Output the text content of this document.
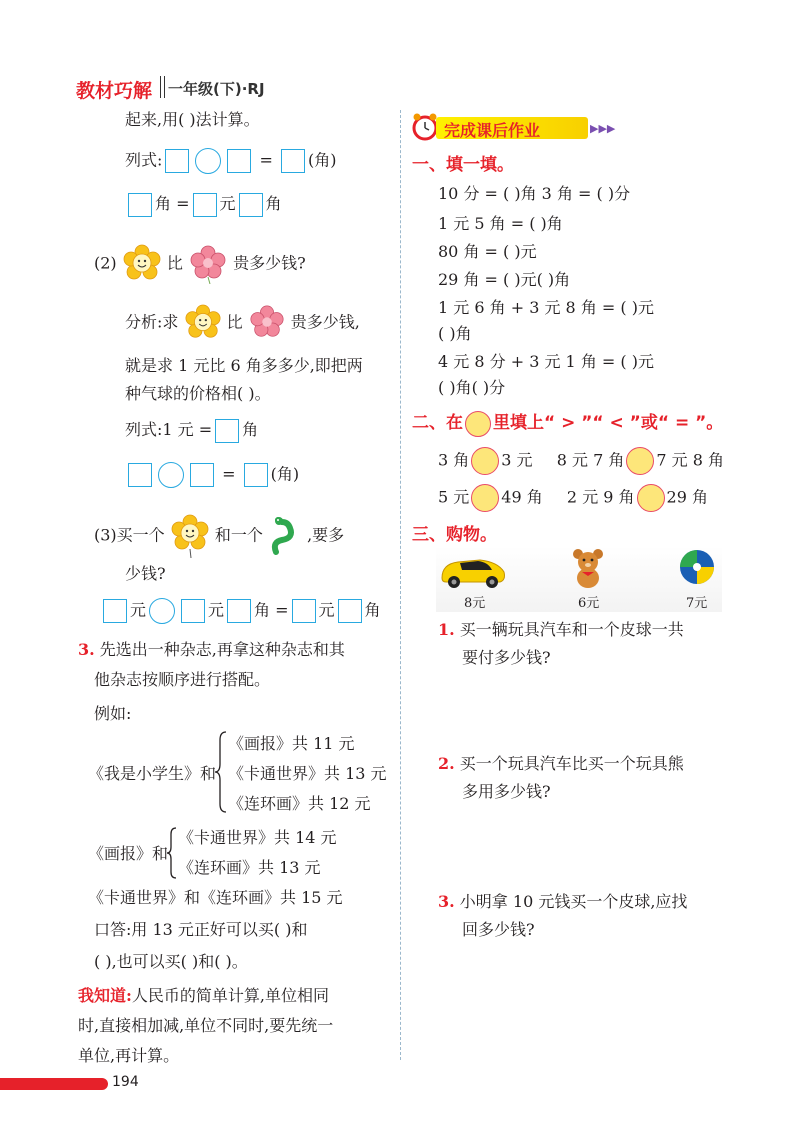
教材巧解 一年级(下)·RJ
起来,用( )法计算。
列式:	= (角)
角 = 元 角
(2)	比	贵多少钱?
分析:求	比	贵多少钱,
就是求 1 元比 6 角多多少,即把两
种气球的价格相( )。
列式:1 元 = 角
= (角)
(3)买一个	和一个	,要多
少钱?
元	元 角 = 元 角
3. 先选出一种杂志,再拿这种杂志和其
他杂志按顺序进行搭配。
例如:
《我是小学生》和
《画报》共 11 元
《卡通世界》共 13 元
《连环画》共 12 元
《画报》和
《卡通世界》共 14 元
《连环画》共 13 元
《卡通世界》和《连环画》共 15 元
口答:用 13 元正好可以买( )和
( ),也可以买( )和( )。
我知道:人民币的简单计算,单位相同
时,直接相加减,单位不同时,要先统一
单位,再计算。
完成课后作业	▶▶▶
一、填一填。
10 分 = ( )角 3 角 = ( )分
1 元 5 角 = ( )角
80 角 = ( )元
29 角 = ( )元( )角
1 元 6 角 + 3 元 8 角 = ( )元
( )角
4 元 8 分 + 3 元 1 角 = ( )元
( )角( )分
二、在 里填上“ > ”“ < ”或“ = ”。
3 角 3 元 8 元 7 角 7 元 8 角
5 元 49 角 2 元 9 角 29 角
三、购物。
8元	6元	7元
1. 买一辆玩具汽车和一个皮球一共
要付多少钱?
2. 买一个玩具汽车比买一个玩具熊
多用多少钱?
3. 小明拿 10 元钱买一个皮球,应找
回多少钱?
194
